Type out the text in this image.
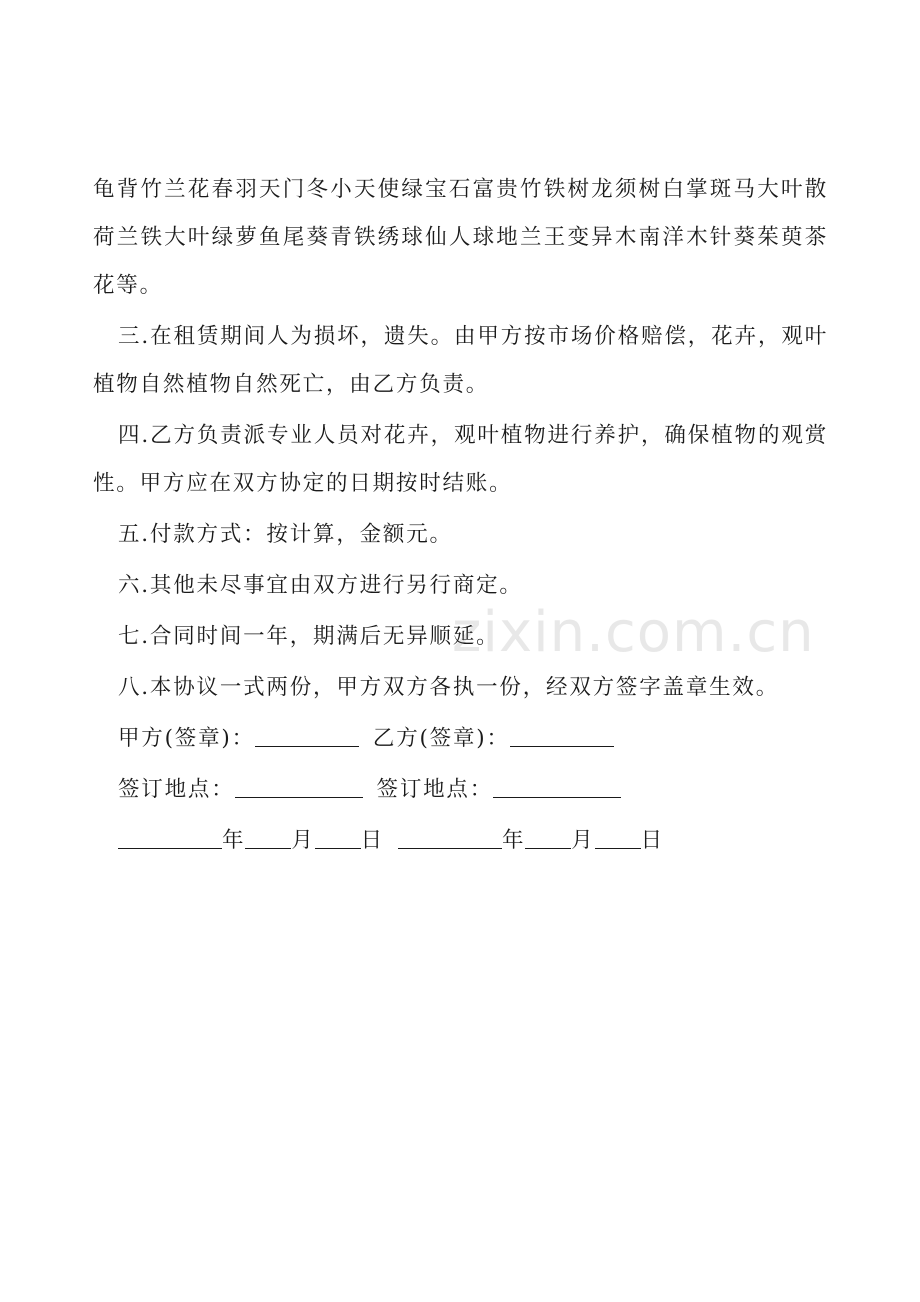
龟背竹兰花春羽天门冬小天使绿宝石富贵竹铁树龙须树白掌斑马大叶散荷兰铁大叶绿萝鱼尾葵青铁绣球仙人球地兰王变异木南洋木针葵茱萸茶花等。

三.在租赁期间人为损坏，遗失。由甲方按市场价格赔偿，花卉，观叶植物自然植物自然死亡，由乙方负责。

四.乙方负责派专业人员对花卉，观叶植物进行养护，确保植物的观赏性。甲方应在双方协定的日期按时结账。

五.付款方式：按计算，金额元。

六.其他未尽事宜由双方进行另行商定。

七.合同时间一年，期满后无异顺延。

八.本协议一式两份，甲方双方各执一份，经双方签字盖章生效。

甲方(签章)：	乙方(签章)：
签订地点：	签订地点：
年 月 日	年 月 日
zixin.com.cn
